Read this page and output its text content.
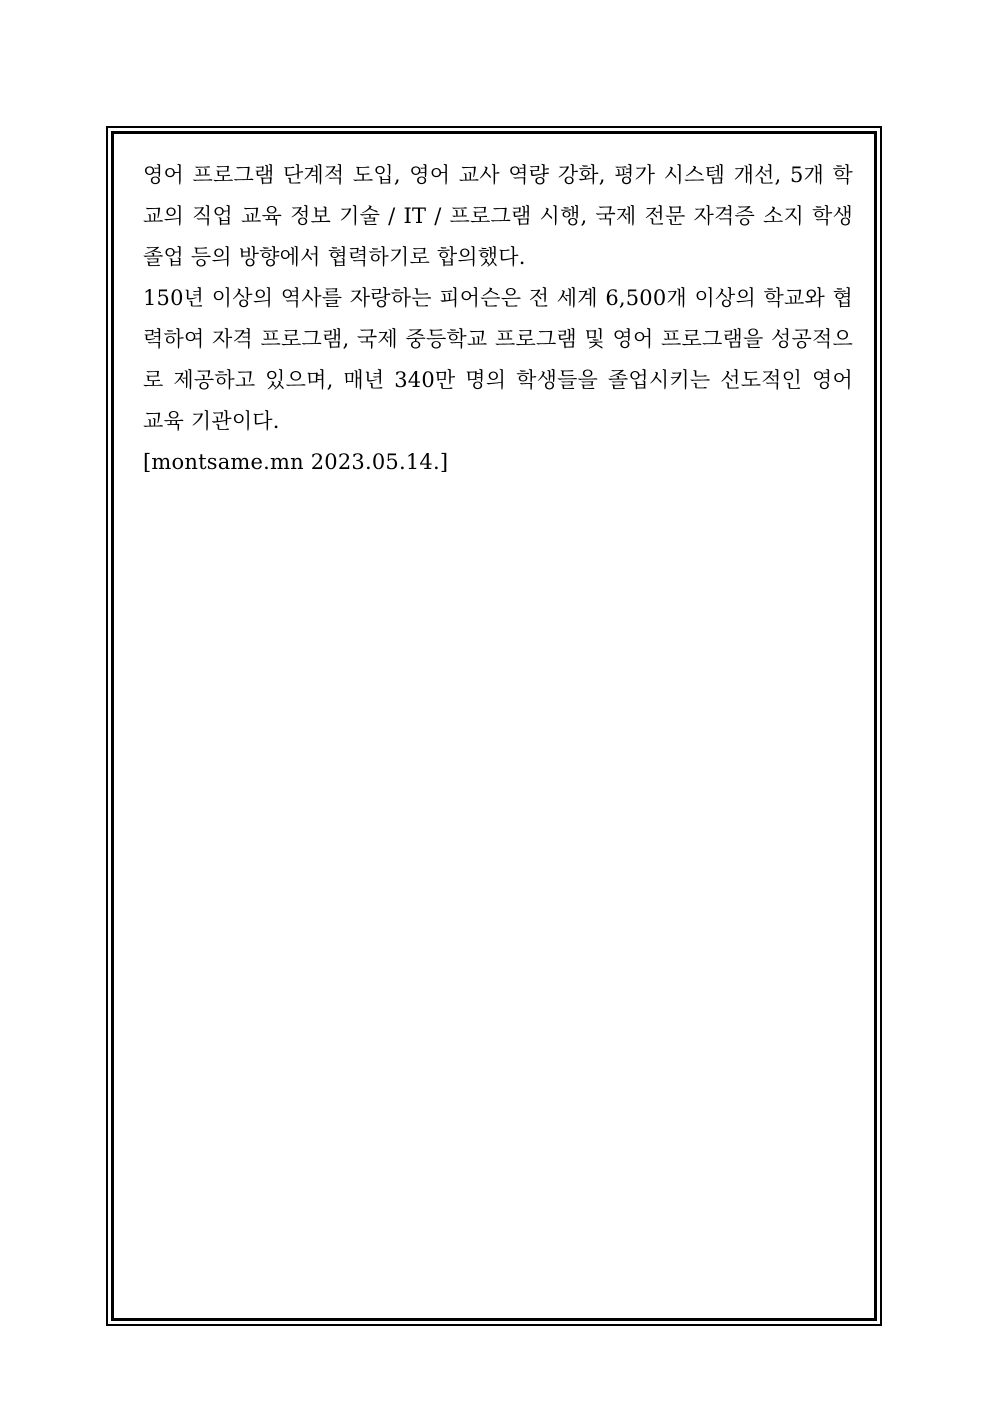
영어 프로그램 단계적 도입, 영어 교사 역량 강화, 평가 시스템 개선, 5개 학교의 직업 교육 정보 기술 / IT / 프로그램 시행, 국제 전문 자격증 소지 학생 졸업 등의 방향에서 협력하기로 합의했다.

150년 이상의 역사를 자랑하는 피어슨은 전 세계 6,500개 이상의 학교와 협력하여 자격 프로그램, 국제 중등학교 프로그램 및 영어 프로그램을 성공적으로 제공하고 있으며, 매년 340만 명의 학생들을 졸업시키는 선도적인 영어 교육 기관이다.

[montsame.mn 2023.05.14.]
